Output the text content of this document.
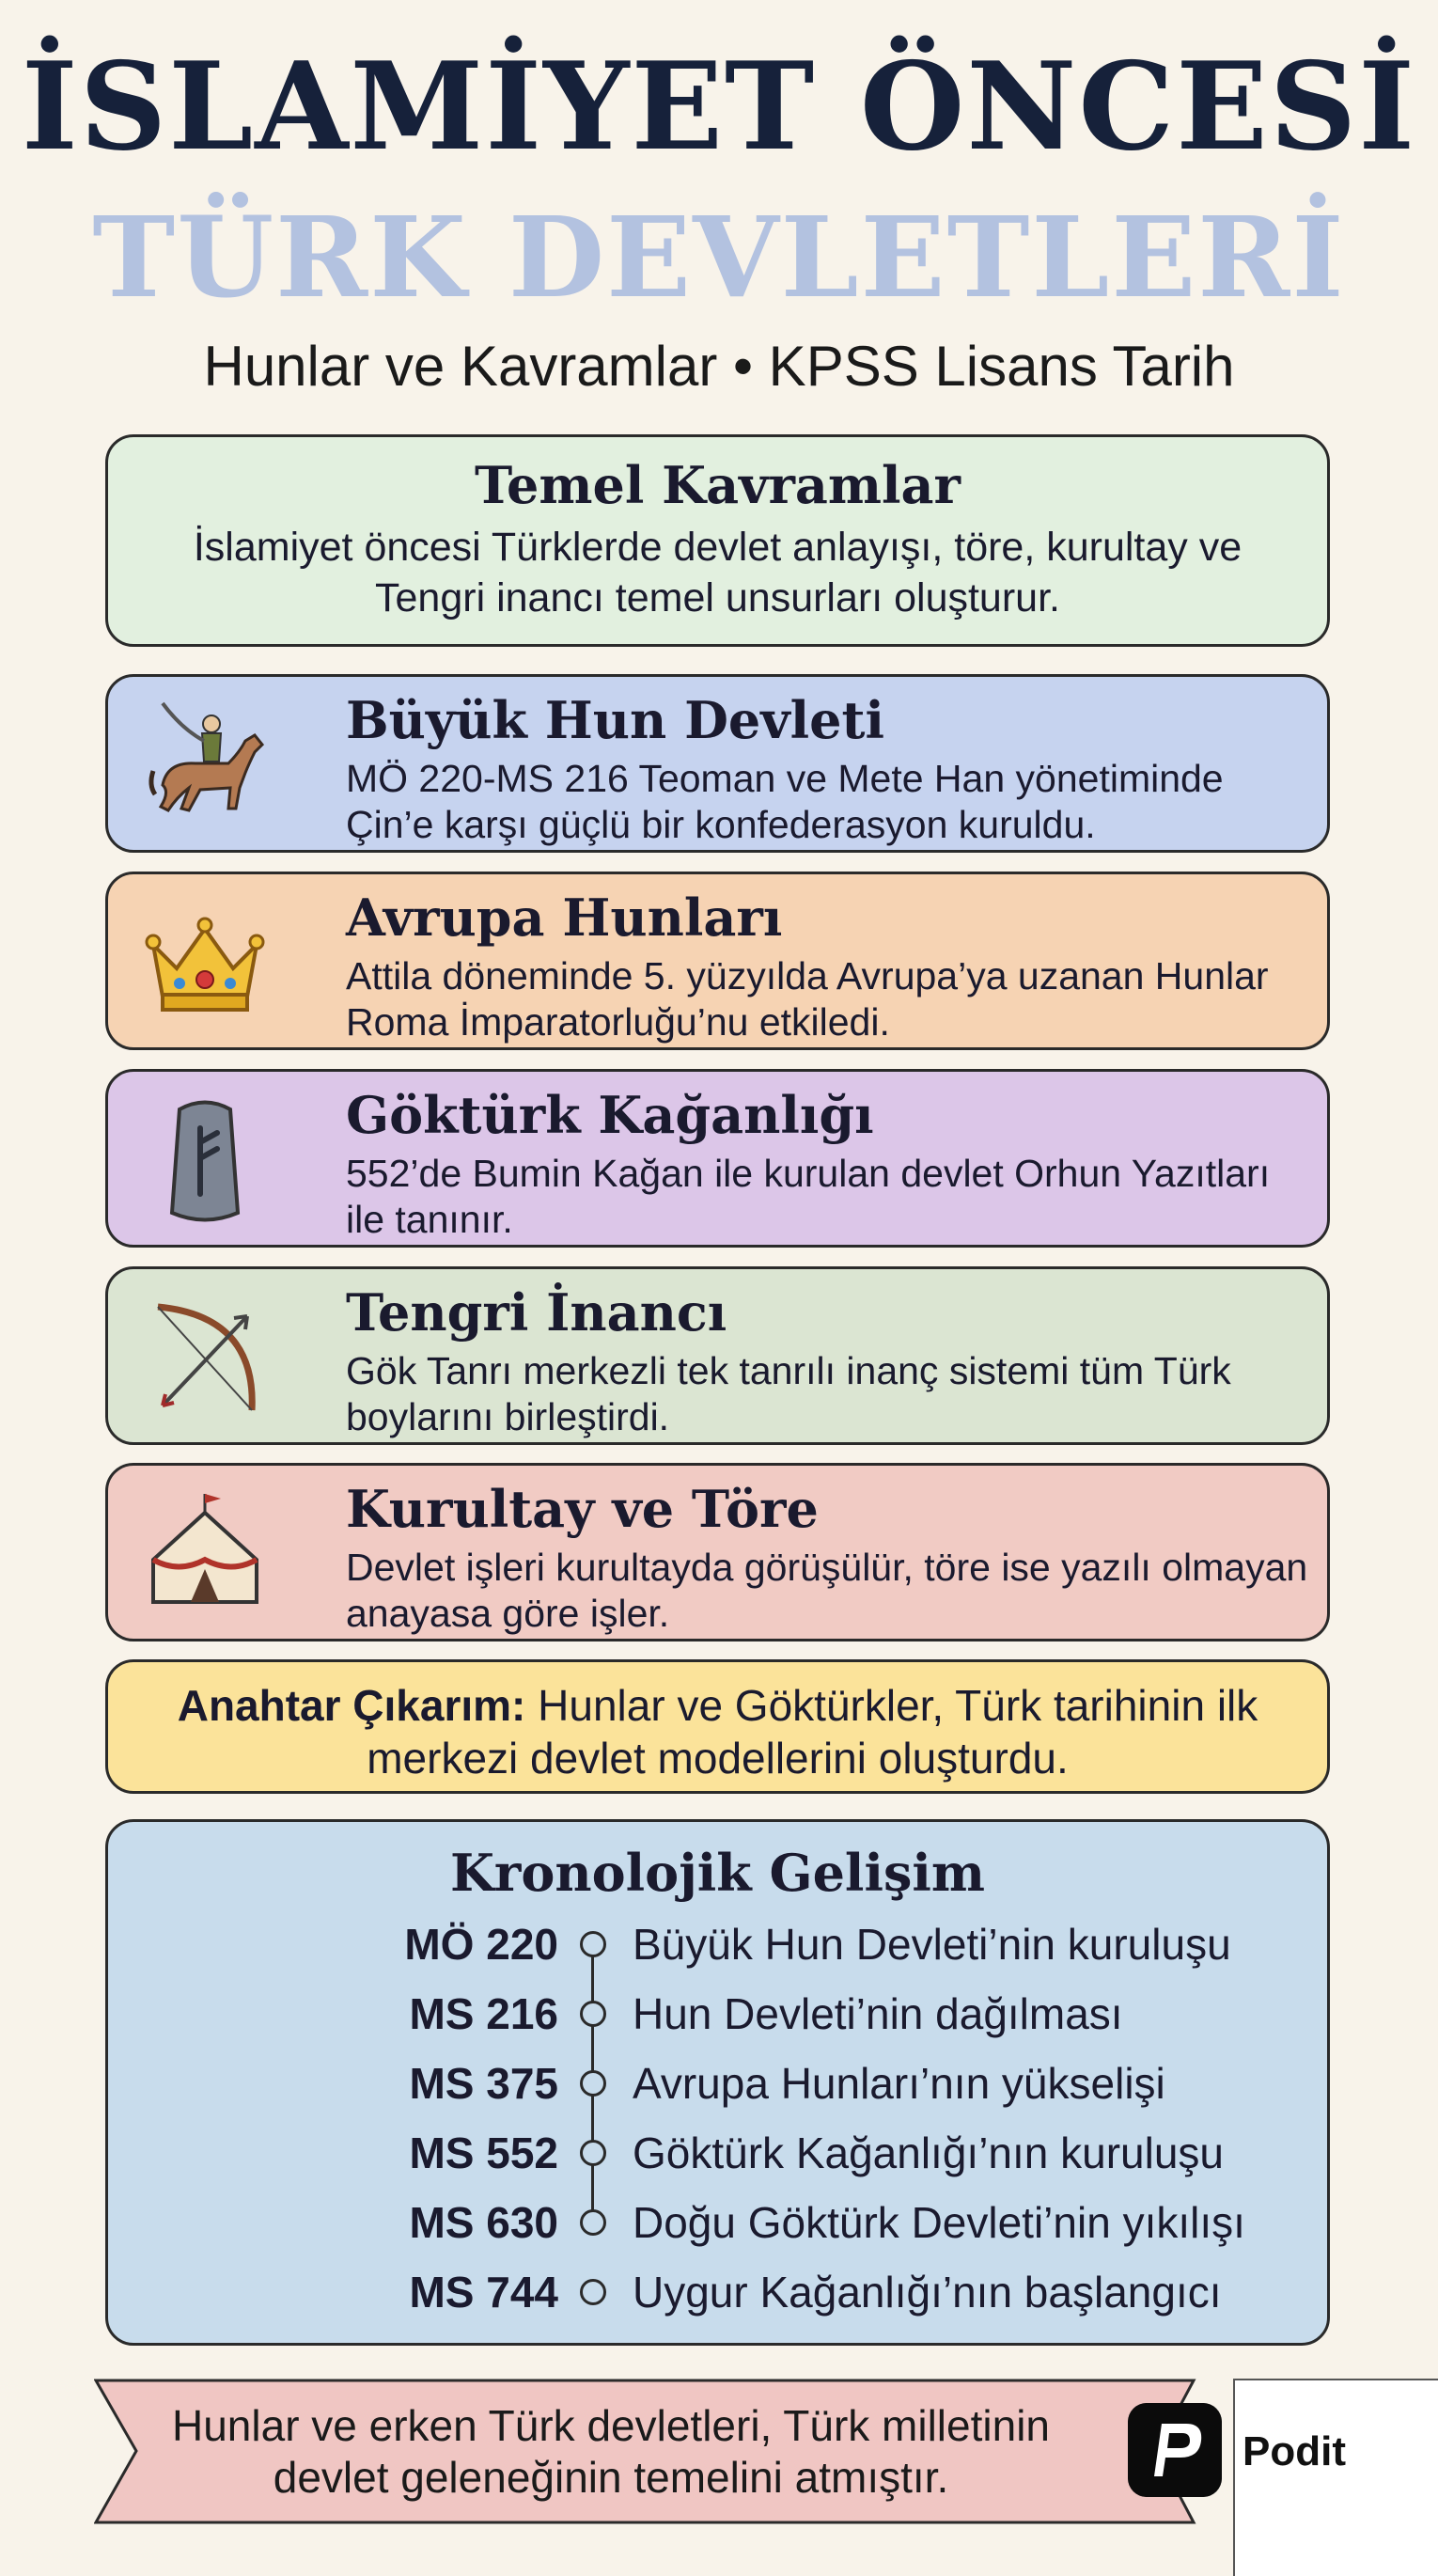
İSLAMİYET ÖNCESİ
TÜRK DEVLETLERİ
Hunlar ve Kavramlar • KPSS Lisans Tarih
Temel Kavramlar
İslamiyet öncesi Türklerde devlet anlayışı, töre, kurultay ve Tengri inancı temel unsurları oluşturur.
Büyük Hun Devleti
MÖ 220-MS 216 Teoman ve Mete Han yönetiminde Çin’e karşı güçlü bir konfederasyon kuruldu.
Avrupa Hunları
Attila döneminde 5. yüzyılda Avrupa’ya uzanan Hunlar Roma İmparatorluğu’nu etkiledi.
Göktürk Kağanlığı
552’de Bumin Kağan ile kurulan devlet Orhun Yazıtları ile tanınır.
Tengri İnancı
Gök Tanrı merkezli tek tanrılı inanç sistemi tüm Türk boylarını birleştirdi.
Kurultay ve Töre
Devlet işleri kurultayda görüşülür, töre ise yazılı olmayan anayasa göre işler.
Anahtar Çıkarım: Hunlar ve Göktürkler, Türk tarihinin ilk merkezi devlet modellerini oluşturdu.
Kronolojik Gelişim
MÖ 220 Büyük Hun Devleti’nin kuruluşu
MS 216 Hun Devleti’nin dağılması
MS 375 Avrupa Hunları’nın yükselişi
MS 552 Göktürk Kağanlığı’nın kuruluşu
MS 630 Doğu Göktürk Devleti’nin yıkılışı
MS 744 Uygur Kağanlığı’nın başlangıcı
Hunlar ve erken Türk devletleri, Türk milletinin devlet geleneğinin temelini atmıştır.
Podit
